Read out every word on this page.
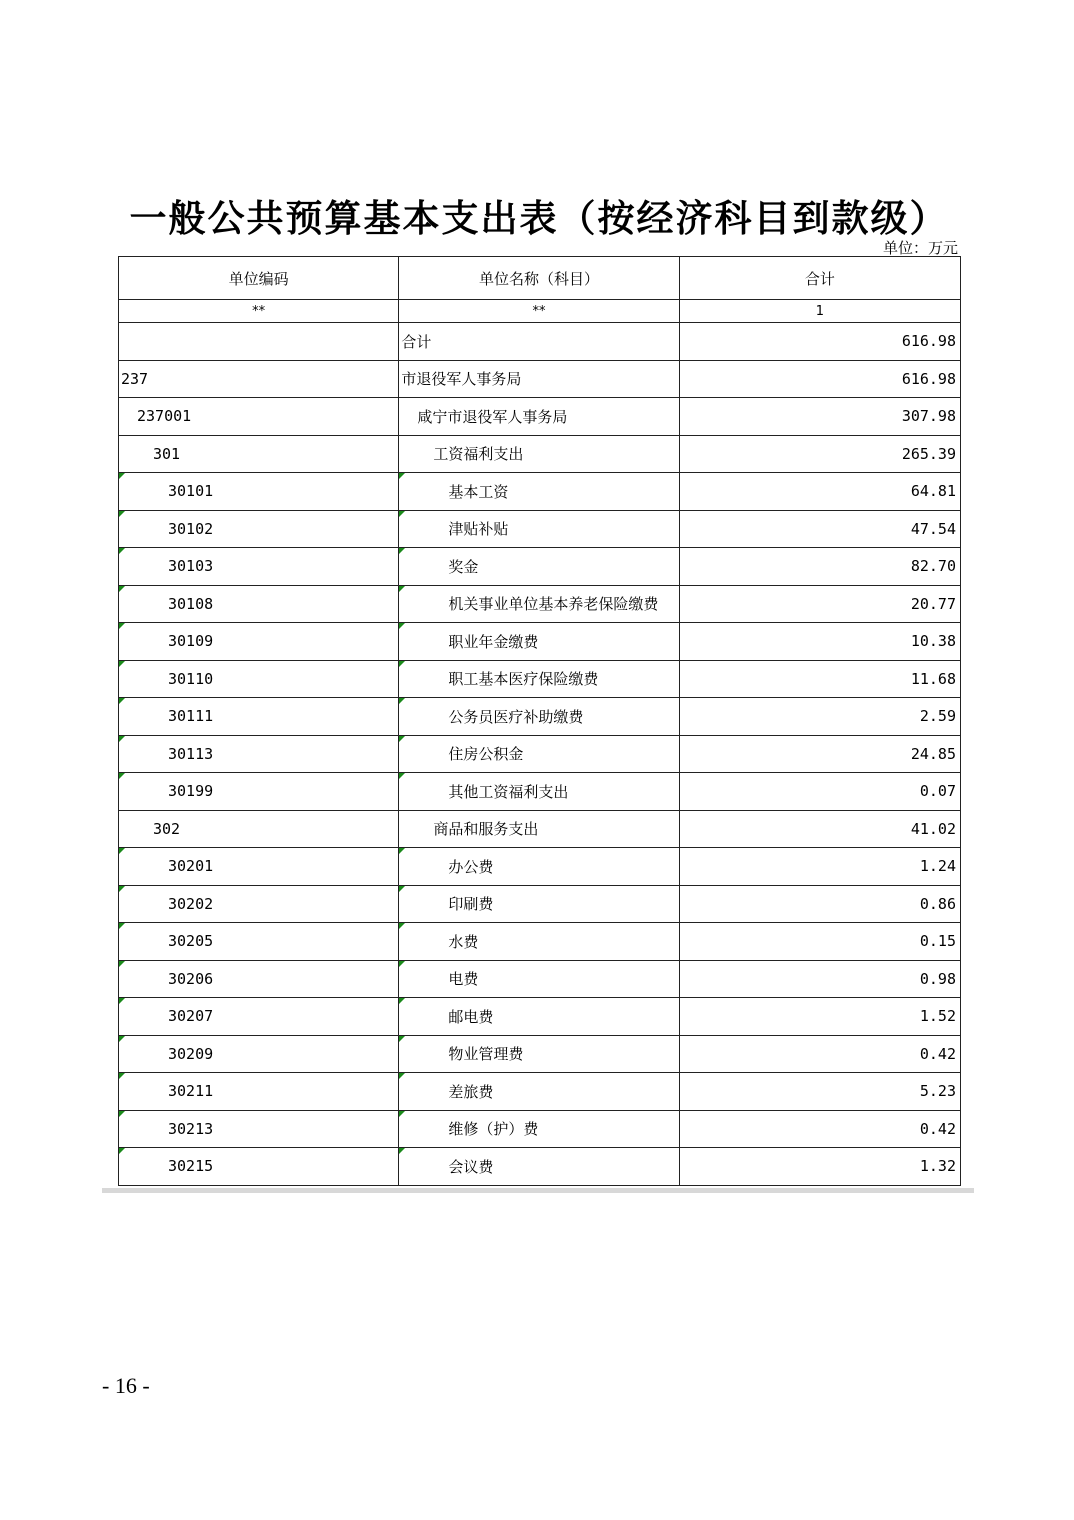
一般公共预算基本支出表（按经济科目到款级）
单位：万元
单位编码	单位名称（科目）	合计
**	**	1
	合计	616.98
237	市退役军人事务局	616.98
237001	咸宁市退役军人事务局	307.98
301	工资福利支出	265.39
30101	基本工资	64.81
30102	津贴补贴	47.54
30103	奖金	82.70
30108	机关事业单位基本养老保险缴费	20.77
30109	职业年金缴费	10.38
30110	职工基本医疗保险缴费	11.68
30111	公务员医疗补助缴费	2.59
30113	住房公积金	24.85
30199	其他工资福利支出	0.07
302	商品和服务支出	41.02
30201	办公费	1.24
30202	印刷费	0.86
30205	水费	0.15
30206	电费	0.98
30207	邮电费	1.52
30209	物业管理费	0.42
30211	差旅费	5.23
30213	维修（护）费	0.42
30215	会议费	1.32
- 16 -
